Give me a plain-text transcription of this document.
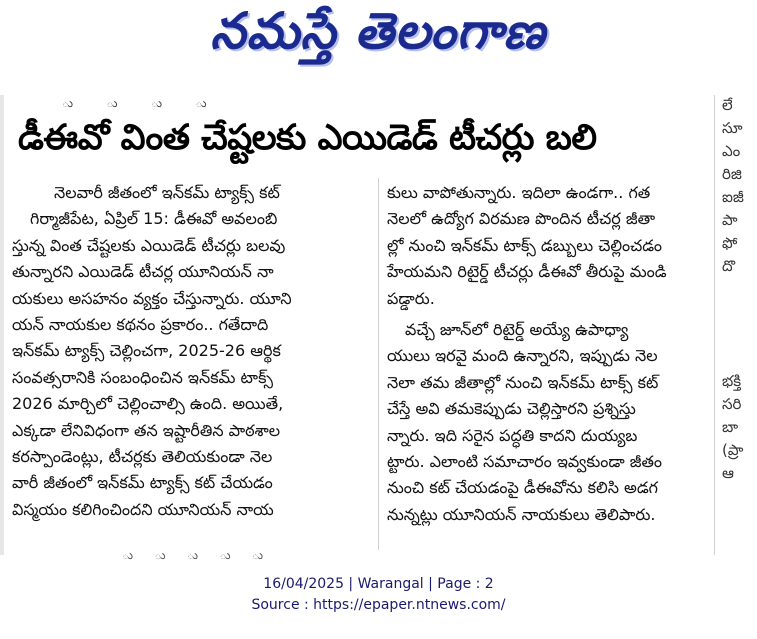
నమస్తే తెలంగాణ
ు ు ు ు
డీఈవో వింత చేష్టలకు ఎయిడెడ్ టీచర్లు బలి
నెలవారీ జీతంలో ఇన్‌కమ్ ట్యాక్స్ కట్
గిర్మాజీపేట, ఏప్రిల్ 15: డీఈవో అవలంబి
స్తున్న వింత చేష్టలకు ఎయిడెడ్ టీచర్లు బలవు
తున్నారని ఎయిడెడ్ టీచర్ల యూనియన్ నా
యకులు అసహనం వ్యక్తం చేస్తున్నారు. యూని
యన్ నాయకుల కథనం ప్రకారం.. గతేదాది
ఇన్‌కమ్ ట్యాక్స్ చెల్లించగా, 2025-26 ఆర్థిక
సంవత్సరానికి సంబంధించిన ఇన్‌కమ్ టాక్స్
2026 మార్చిలో చెల్లించాల్సి ఉంది. అయితే,
ఎక్కడా లేనివిధంగా తన ఇష్టారీతిన పాఠశాల
కరస్పాండెంట్లు, టీచర్లకు తెలియకుండా నెల
వారీ జీతంలో ఇన్‌కమ్ ట్యాక్స్ కట్ చేయడం
విస్మయం కలిగించిందని యూనియన్ నాయ
కులు వాపోతున్నారు. ఇదిలా ఉండగా.. గత
నెలలో ఉద్యోగ విరమణ పొందిన టీచర్ల జీతా
ల్లో నుంచి ఇన్‌కమ్ టాక్స్ డబ్బులు చెల్లించడం
హేయమని రిటైర్డ్ టీచర్లు డీఈవో తీరుపై మండి
పడ్డారు.
వచ్చే జూన్‌లో రిటైర్డ్ అయ్యే ఉపాధ్యా
యులు ఇరవై మంది ఉన్నారని, ఇప్పుడు నెల
నెలా తమ జీతాల్లో నుంచి ఇన్‌కమ్ టాక్స్ కట్
చేస్తే అవి తమకెప్పుడు చెల్లిస్తారని ప్రశ్నిస్తు
న్నారు. ఇది సరైన పద్ధతి కాదని దుయ్యబ
ట్టారు. ఎలాంటి సమాచారం ఇవ్వకుండా జీతం
నుంచి కట్ చేయడంపై డీఈవోను కలిసి అడగ
నున్నట్లు యూనియన్ నాయకులు తెలిపారు.
ు ు ు ు ు
లే
సూ
ఎం
రిజి
ఐజీ
పా
ఫో
దొ

భక్తి
సరి
బా
(ప్రా
ఆ
16/04/2025 | Warangal | Page : 2
Source : https://epaper.ntnews.com/
